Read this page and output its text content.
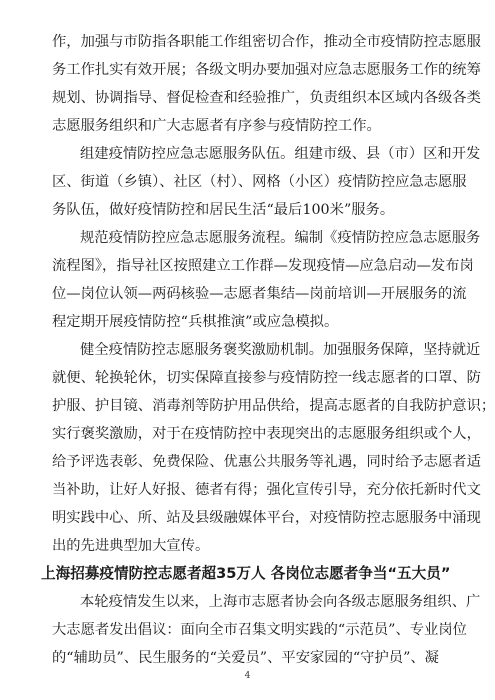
作，加强与市防指各职能工作组密切合作，推动全市疫情防控志愿服
务工作扎实有效开展；各级文明办要加强对应急志愿服务工作的统筹
规划、协调指导、督促检查和经验推广，负责组织本区域内各级各类
志愿服务组织和广大志愿者有序参与疫情防控工作。
组建疫情防控应急志愿服务队伍。组建市级、县（市）区和开发
区、街道（乡镇）、社区（村）、网格（小区）疫情防控应急志愿服
务队伍，做好疫情防控和居民生活“最后100米”服务。
规范疫情防控应急志愿服务流程。编制《疫情防控应急志愿服务
流程图》，指导社区按照建立工作群—发现疫情—应急启动—发布岗
位—岗位认领—两码核验—志愿者集结—岗前培训—开展服务的流
程定期开展疫情防控“兵棋推演”或应急模拟。
健全疫情防控志愿服务褒奖激励机制。加强服务保障，坚持就近
就便、轮换轮休，切实保障直接参与疫情防控一线志愿者的口罩、防
护服、护目镜、消毒剂等防护用品供给，提高志愿者的自我防护意识；
实行褒奖激励，对于在疫情防控中表现突出的志愿服务组织或个人，
给予评选表彰、免费保险、优惠公共服务等礼遇，同时给予志愿者适
当补助，让好人好报、德者有得；强化宣传引导，充分依托新时代文
明实践中心、所、站及县级融媒体平台，对疫情防控志愿服务中涌现
出的先进典型加大宣传。
上海招募疫情防控志愿者超35万人 各岗位志愿者争当“五大员”
本轮疫情发生以来，上海市志愿者协会向各级志愿服务组织、广
大志愿者发出倡议：面向全市召集文明实践的“示范员”、专业岗位
的“辅助员”、民生服务的“关爱员”、平安家园的“守护员”、凝
4
